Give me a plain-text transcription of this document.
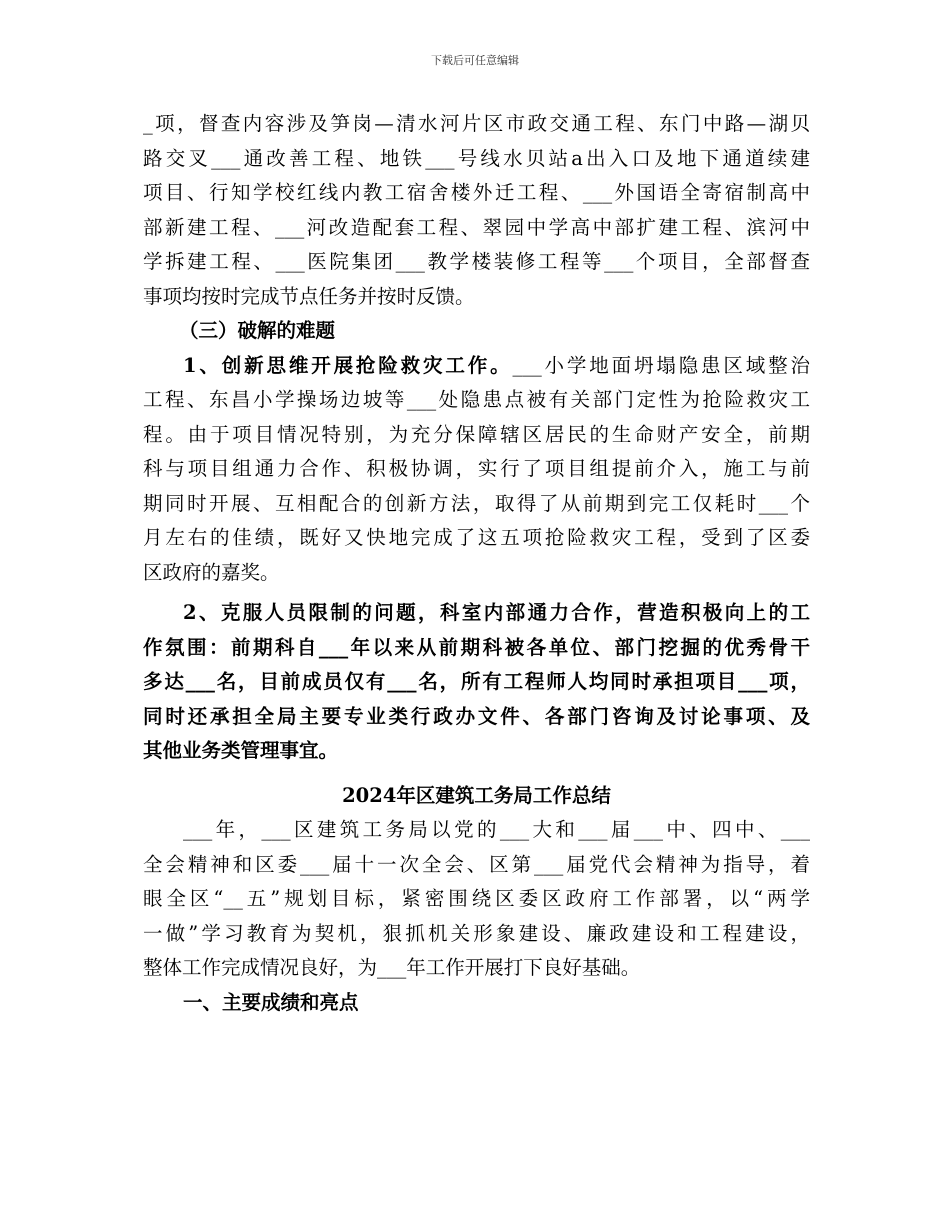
下载后可任意编辑
_项，督查内容涉及笋岗—清水河片区市政交通工程、东门中路—湖贝
路交叉___通改善工程、地铁___号线水贝站a出入口及地下通道续建
项目、行知学校红线内教工宿舍楼外迁工程、___外国语全寄宿制高中
部新建工程、___河改造配套工程、翠园中学高中部扩建工程、滨河中
学拆建工程、___医院集团___教学楼装修工程等___个项目，全部督查
事项均按时完成节点任务并按时反馈。
（三）破解的难题
1、创新思维开展抢险救灾工作。___小学地面坍塌隐患区域整治
工程、东昌小学操场边坡等___处隐患点被有关部门定性为抢险救灾工
程。由于项目情况特别，为充分保障辖区居民的生命财产安全，前期
科与项目组通力合作、积极协调，实行了项目组提前介入，施工与前
期同时开展、互相配合的创新方法，取得了从前期到完工仅耗时___个
月左右的佳绩，既好又快地完成了这五项抢险救灾工程，受到了区委
区政府的嘉奖。
2、克服人员限制的问题，科室内部通力合作，营造积极向上的工
作氛围：前期科自___年以来从前期科被各单位、部门挖掘的优秀骨干
多达___名，目前成员仅有___名，所有工程师人均同时承担项目___项，
同时还承担全局主要专业类行政办文件、各部门咨询及讨论事项、及
其他业务类管理事宜。
2024年区建筑工务局工作总结
___年，___区建筑工务局以党的___大和___届___中、四中、___
全会精神和区委___届十一次全会、区第___届党代会精神为指导，着
眼全区“__五”规划目标，紧密围绕区委区政府工作部署，以“两学
一做”学习教育为契机，狠抓机关形象建设、廉政建设和工程建设，
整体工作完成情况良好，为___年工作开展打下良好基础。
一、主要成绩和亮点
